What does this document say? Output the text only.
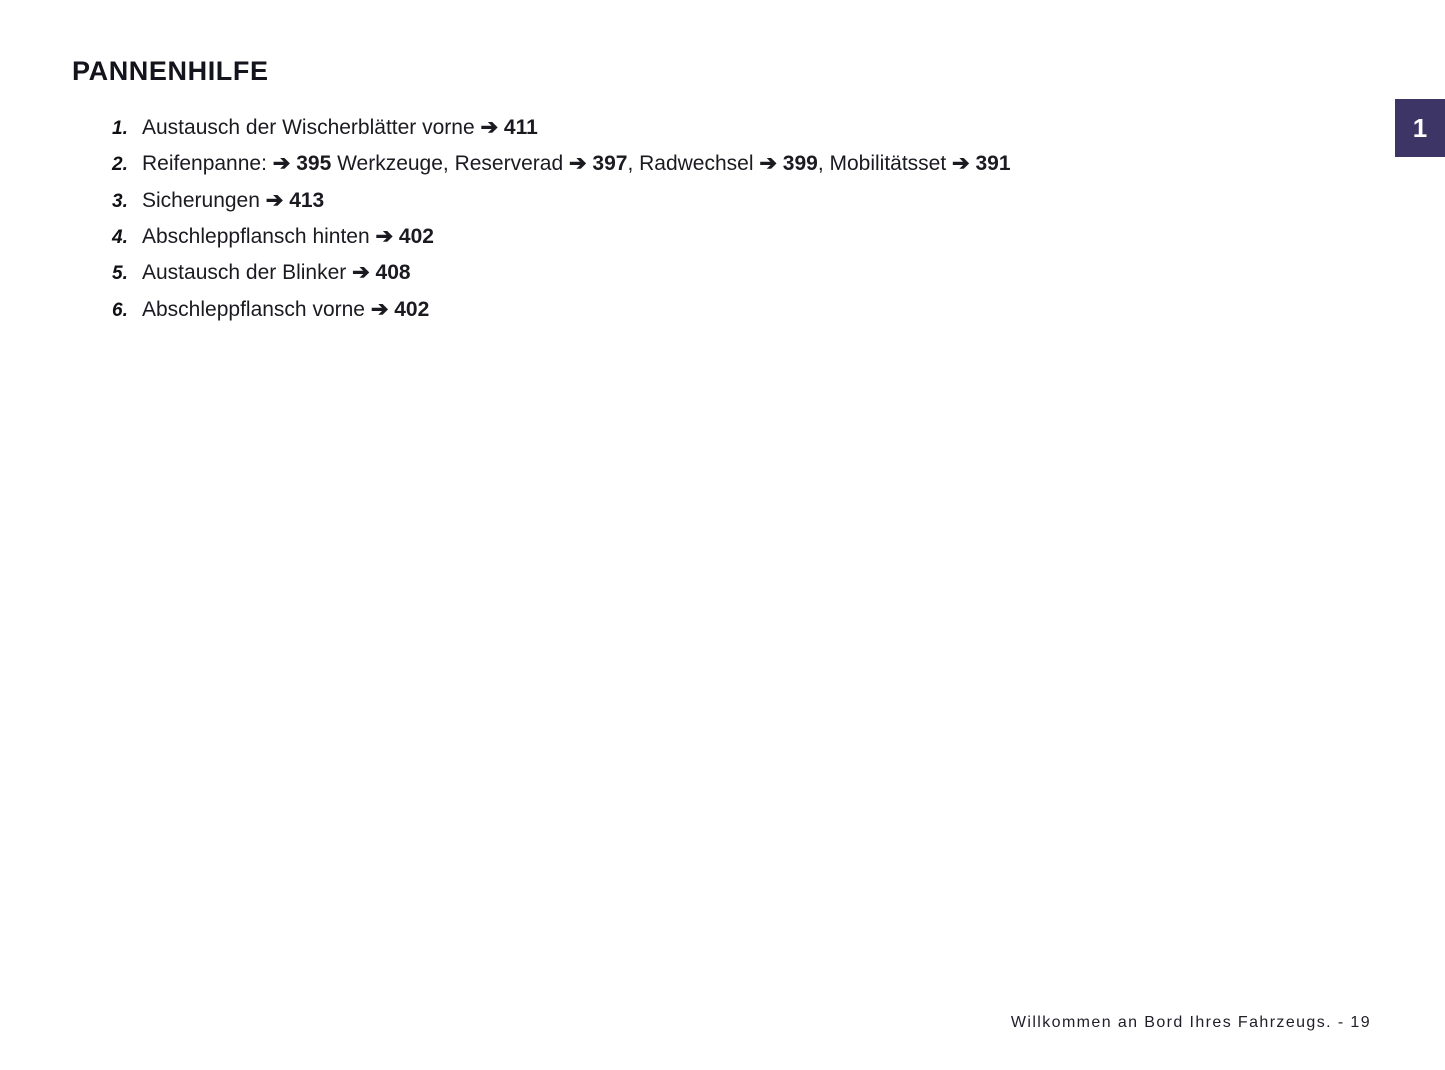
PANNENHILFE
1
1. Austausch der Wischerblätter vorne ➔ 411
2. Reifenpanne: ➔ 395 Werkzeuge, Reserverad ➔ 397, Radwechsel ➔ 399, Mobilitätsset ➔ 391
3. Sicherungen ➔ 413
4. Abschleppflansch hinten ➔ 402
5. Austausch der Blinker ➔ 408
6. Abschleppflansch vorne ➔ 402
Willkommen an Bord Ihres Fahrzeugs. - 19
